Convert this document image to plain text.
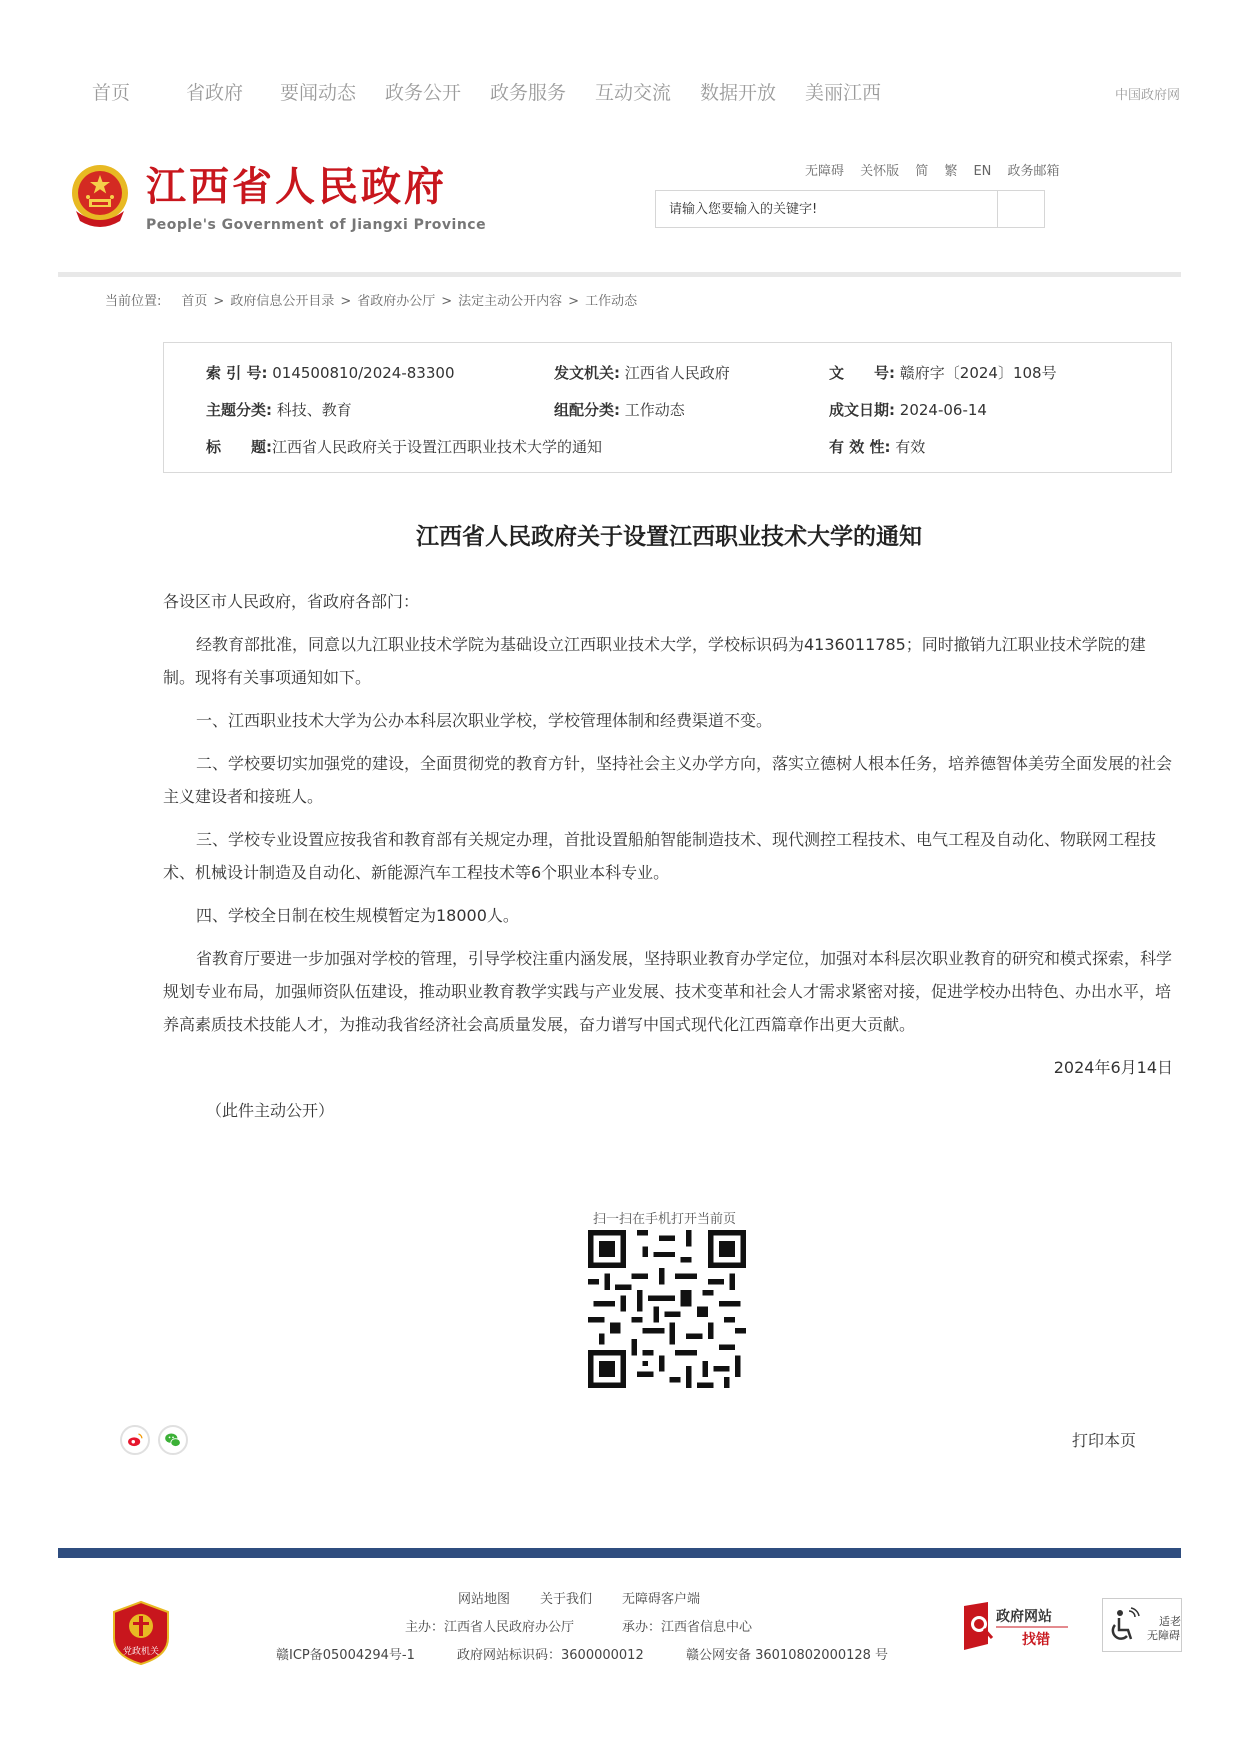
首页	省政府 要闻动态 政务公开 政务服务 互动交流 数据开放 美丽江西	中国政府网
江西省人民政府
People's Government of Jiangxi Province
无障碍 关怀版 简 繁 EN 政务邮箱
请输入您要输入的关键字!
当前位置: 首页 > 政府信息公开目录 > 省政府办公厅 > 法定主动公开内容 > 工作动态
索 引 号: 014500810/2024-83300	发文机关: 江西省人民政府	文　　号: 赣府字〔2024〕108号
主题分类: 科技、教育	组配分类: 工作动态	成文日期: 2024-06-14
标　　题:江西省人民政府关于设置江西职业技术大学的通知	有 效 性: 有效
江西省人民政府关于设置江西职业技术大学的通知

各设区市人民政府，省政府各部门：

经教育部批准，同意以九江职业技术学院为基础设立江西职业技术大学，学校标识码为4136011785；同时撤销九江职业技术学院的建制。现将有关事项通知如下。

一、江西职业技术大学为公办本科层次职业学校，学校管理体制和经费渠道不变。

二、学校要切实加强党的建设，全面贯彻党的教育方针，坚持社会主义办学方向，落实立德树人根本任务，培养德智体美劳全面发展的社会主义建设者和接班人。

三、学校专业设置应按我省和教育部有关规定办理，首批设置船舶智能制造技术、现代测控工程技术、电气工程及自动化、物联网工程技术、机械设计制造及自动化、新能源汽车工程技术等6个职业本科专业。

四、学校全日制在校生规模暂定为18000人。

省教育厅要进一步加强对学校的管理，引导学校注重内涵发展，坚持职业教育办学定位，加强对本科层次职业教育的研究和模式探索，科学规划专业布局，加强师资队伍建设，推动职业教育教学实践与产业发展、技术变革和社会人才需求紧密对接，促进学校办出特色、办出水平，培养高素质技术技能人才，为推动我省经济社会高质量发展，奋力谱写中国式现代化江西篇章作出更大贡献。

2024年6月14日

（此件主动公开）

扫一扫在手机打开当前页
打印本页
党政机关
网站地图 关于我们 无障碍客户端
主办：江西省人民政府办公厅	承办：江西省信息中心
赣ICP备05004294号-1	政府网站标识码：3600000012	赣公网安备 36010802000128 号
政府网站
找错
适老
无障碍
